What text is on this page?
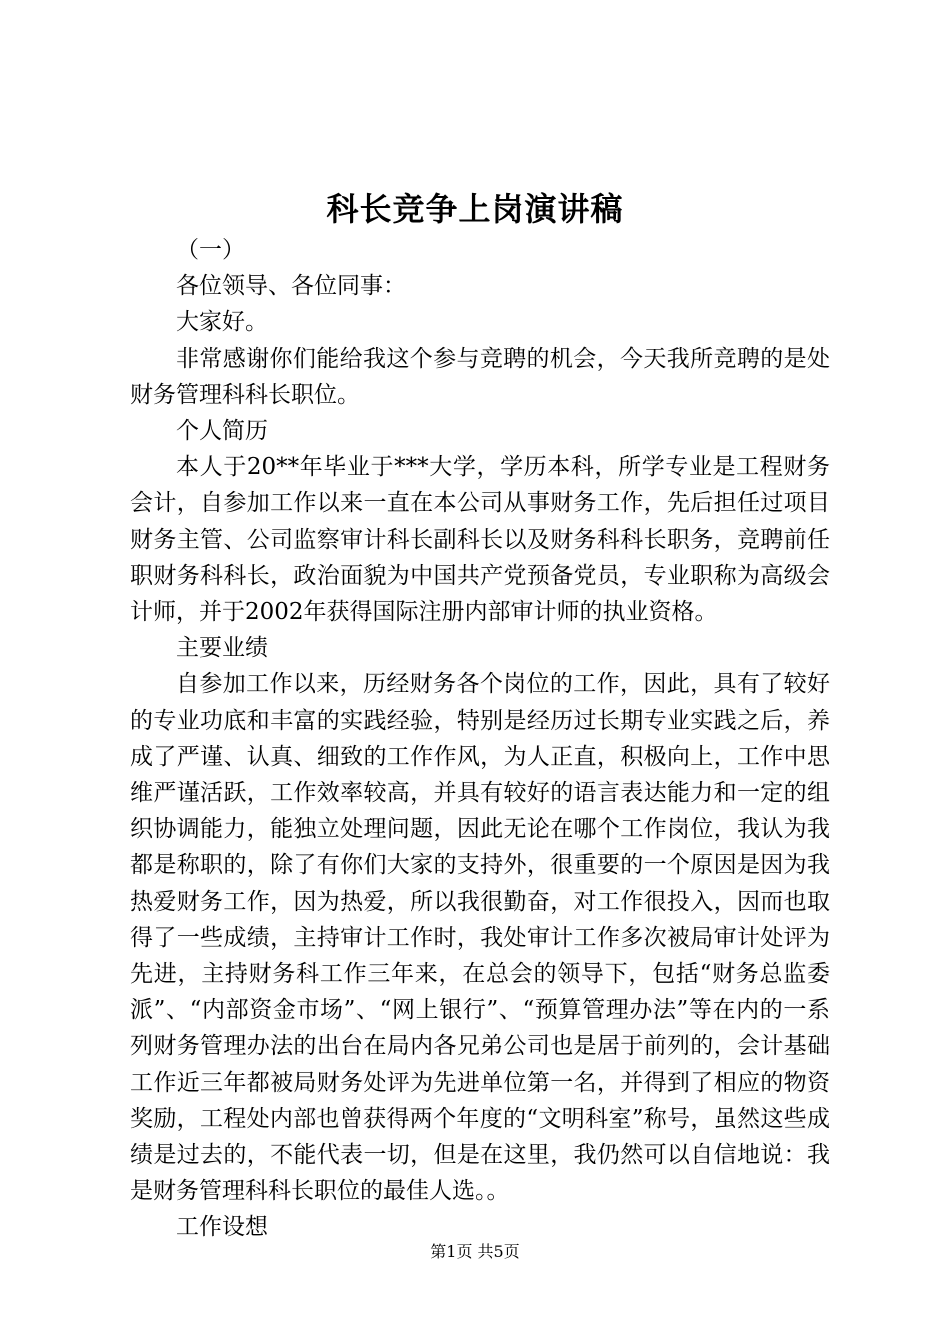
科长竞争上岗演讲稿

（一）

各位领导、各位同事：

大家好。

非常感谢你们能给我这个参与竞聘的机会，今天我所竞聘的是处财务管理科科长职位。

个人简历

本人于20**年毕业于***大学，学历本科，所学专业是工程财务会计，自参加工作以来一直在本公司从事财务工作，先后担任过项目财务主管、公司监察审计科长副科长以及财务科科长职务，竞聘前任职财务科科长，政治面貌为中国共产党预备党员，专业职称为高级会计师，并于2002年获得国际注册内部审计师的执业资格。

主要业绩

自参加工作以来，历经财务各个岗位的工作，因此，具有了较好的专业功底和丰富的实践经验，特别是经历过长期专业实践之后，养成了严谨、认真、细致的工作作风，为人正直，积极向上，工作中思维严谨活跃，工作效率较高，并具有较好的语言表达能力和一定的组织协调能力，能独立处理问题，因此无论在哪个工作岗位，我认为我都是称职的，除了有你们大家的支持外，很重要的一个原因是因为我热爱财务工作，因为热爱，所以我很勤奋，对工作很投入，因而也取得了一些成绩，主持审计工作时，我处审计工作多次被局审计处评为先进，主持财务科工作三年来，在总会的领导下，包括“财务总监委派”、“内部资金市场”、“网上银行”、“预算管理办法”等在内的一系列财务管理办法的出台在局内各兄弟公司也是居于前列的，会计基础工作近三年都被局财务处评为先进单位第一名，并得到了相应的物资奖励，工程处内部也曾获得两个年度的“文明科室”称号，虽然这些成绩是过去的，不能代表一切，但是在这里，我仍然可以自信地说：我是财务管理科科长职位的最佳人选。。

工作设想

第1页 共5页
